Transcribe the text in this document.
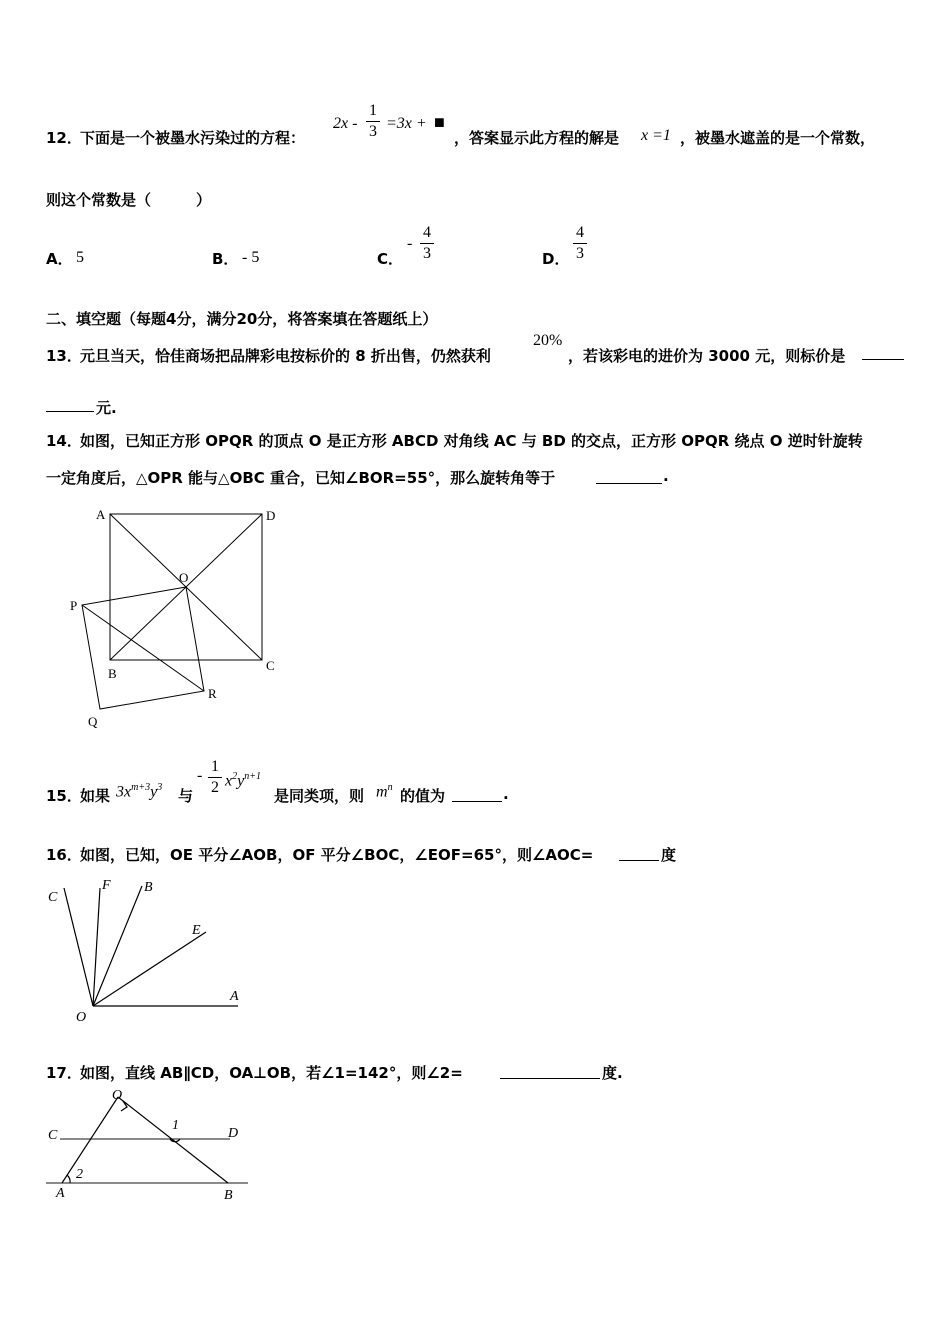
12．
下面是一个被墨水污染过的方程：
2x -
1
3 =3x + ■
，答案显示此方程的解是 x =1 ，被墨水遮盖的是一个常数，
则这个常数是（　　　）
A． 5	B． - 5	C．
-
4
3	D．
4
3
二、填空题（每题4分，满分20分，将答案填在答题纸上）
13．
元旦当天，恰佳商场把品牌彩电按标价的 8 折出售，仍然获利
20%
，若该彩电的进价为 3000 元，则标价是
元.
14．
如图，已知正方形 OPQR 的顶点 O 是正方形 ABCD 对角线 AC 与 BD 的交点，正方形 OPQR 绕点 O 逆时针旋转
一定角度后，△OPR 能与△OBC 重合，已知∠BOR=55°，那么旋转角等于	.
A	D
O
P
B
C
R
Q
15．
如果 $3x^{m+3}y^3$ 与
-
1
2 $x^2y^{n+1}$
是同类项，则 $m^n$ 的值为	.
16．
如图，已知，OE 平分∠AOB，OF 平分∠BOC，∠EOF=65°，则∠AOC=	度
C
F B
E
A
O
17．
如图，直线 AB∥CD，OA⊥OB，若∠1=142°，则∠2=	度.
O
C	D
1
2
A	B
